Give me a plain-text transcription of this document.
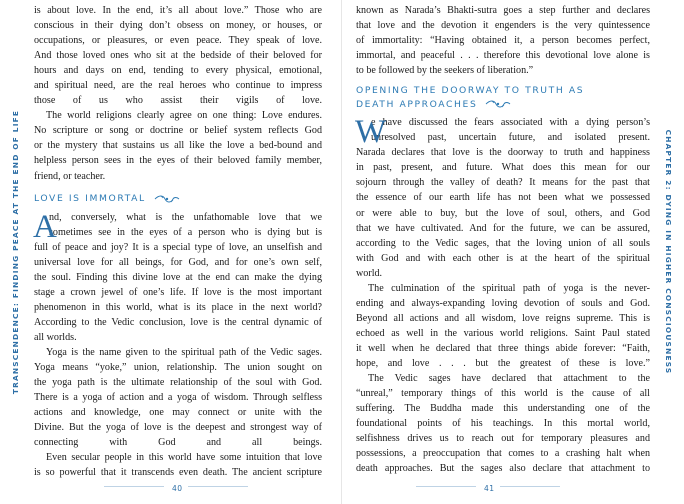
TRANSCENDENCE: FINDING PEACE AT THE END OF LIFE
is about love. In the end, it’s all about love.” Those who are
conscious in their dying don’t obsess on money, or houses, or
occupations, or pleasures, or even peace. They speak of love.
And those loved ones who sit at the bedside of their beloved for
hours and days on end, tending to every physical, emotional,
and spiritual need, are the real heroes who continue to impress
those of us who assist their vigils of love.
The world religions clearly agree on one thing: Love endures.
No scripture or song or doctrine or belief system reflects God
or the mystery that sustains us all like the love a bed-bound and
helpless person sees in the eyes of their beloved family member,
friend, or teacher.
LOVE IS IMMORTAL
A
nd, conversely, what is the unfathomable love that we
sometimes see in the eyes of a person who is dying but is
full of peace and joy? It is a special type of love, an unselfish and
universal love for all beings, for God, and for one’s own self,
the soul. Finding this divine love at the end can make the dying
stage a crown jewel of one’s life. If love is the most important
phenomenon in this world, what is its place in the next world?
According to the Vedic conclusion, love is the central dynamic of
all worlds.
Yoga is the name given to the spiritual path of the Vedic sages.
Yoga means “yoke,” union, relationship. The union sought on
the yoga path is the ultimate relationship of the soul with God.
There is a yoga of action and a yoga of wisdom. Through selfless
actions and knowledge, one may connect or unite with the
Divine. But the yoga of love is the deepest and strongest way of
connecting with God and all beings.
Even secular people in this world have some intuition that love
is so powerful that it transcends even death. The ancient scripture
40
CHAPTER 2: DYING IN HIGHER CONSCIOUSNESS
known as Narada’s Bhakti-sutra goes a step further and declares
that love and the devotion it engenders is the very quintessence
of immortality: “Having obtained it, a person becomes perfect,
immortal, and peaceful . . . therefore this devotional love alone is
to be followed by the seekers of liberation.”
OPENING THE DOORWAY TO TRUTH AS
DEATH APPROACHES
W
e have discussed the fears associated with a dying person’s
unresolved past, uncertain future, and isolated present.
Narada declares that love is the doorway to truth and happiness
in past, present, and future. What does this mean for our
sojourn through the valley of death? It means for the past that
the essence of our earth life has not been what we possessed
or were able to buy, but the love of soul, others, and God
that we have cultivated. And for the future, we can be assured,
according to the Vedic sages, that the loving union of all souls
with God and with each other is at the heart of the spiritual
world.
The culmination of the spiritual path of yoga is the never-
ending and always-expanding loving devotion of souls and God.
Beyond all actions and all wisdom, love reigns supreme. This is
echoed as well in the various world religions. Saint Paul stated
it well when he declared that three things abide forever: “Faith,
hope, and love . . . but the greatest of these is love.”
The Vedic sages have declared that attachment to the
“unreal,” temporary things of this world is the cause of all
suffering. The Buddha made this understanding one of the
foundational points of his teachings. In this mortal world,
selfishness drives us to reach out for temporary pleasures and
possessions, a preoccupation that comes to a crashing halt when
death approaches. But the sages also declare that attachment to
41
